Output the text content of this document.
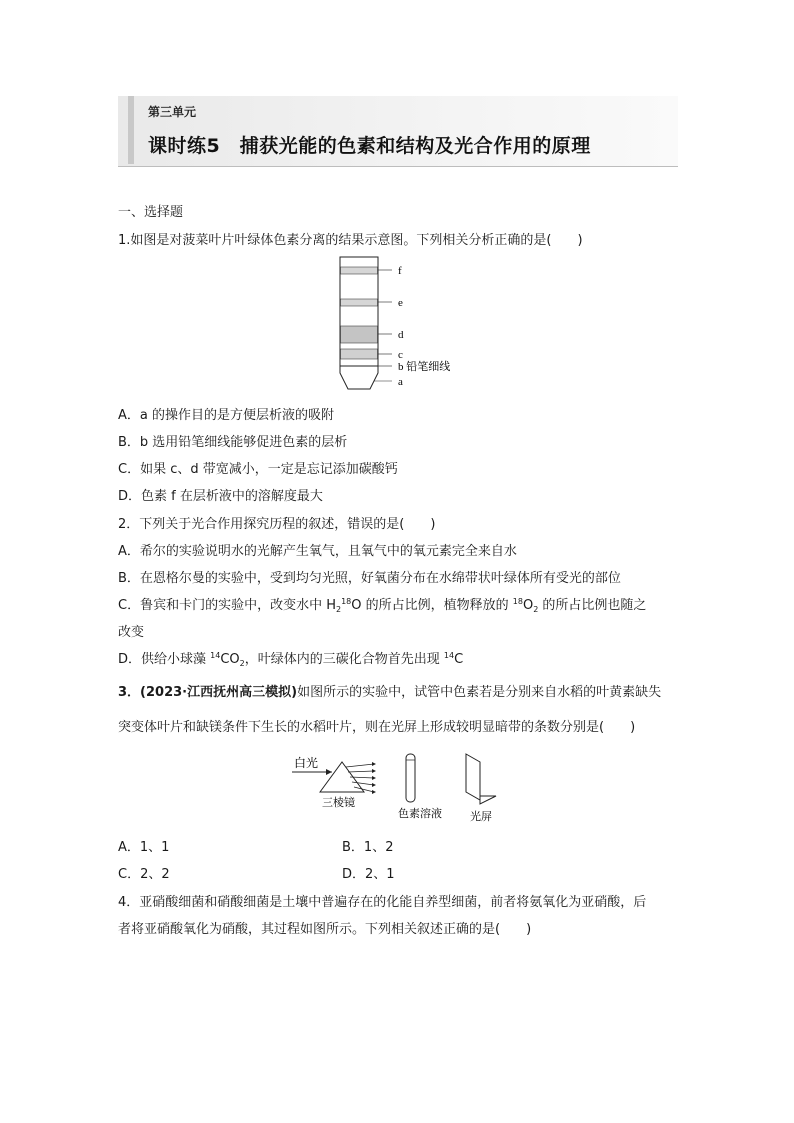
第三单元
课时练5　捕获光能的色素和结构及光合作用的原理
一、选择题
1.如图是对菠菜叶片叶绿体色素分离的结果示意图。下列相关分析正确的是(　　)
f
e
d
c
b 铅笔细线
a
A．a 的操作目的是方便层析液的吸附
B．b 选用铅笔细线能够促进色素的层析
C．如果 c、d 带宽减小，一定是忘记添加碳酸钙
D．色素 f 在层析液中的溶解度最大
2．下列关于光合作用探究历程的叙述，错误的是(　　)
A．希尔的实验说明水的光解产生氧气，且氧气中的氧元素完全来自水
B．在恩格尔曼的实验中，受到均匀光照，好氧菌分布在水绵带状叶绿体所有受光的部位
C．鲁宾和卡门的实验中，改变水中 $H_2^{18}O$ 的所占比例，植物释放的 $^{18}O_2$ 的所占比例也随之
改变
D．供给小球藻 $^{14}CO_2$，叶绿体内的三碳化合物首先出现 $^{14}$C
3．(2023·江西抚州高三模拟)如图所示的实验中，试管中色素若是分别来自水稻的叶黄素缺失
突变体叶片和缺镁条件下生长的水稻叶片，则在光屏上形成较明显暗带的条数分别是(　　)
白光
三棱镜
色素溶液	光屏
A．1、1	B．1、2
C．2、2	D．2、1
4．亚硝酸细菌和硝酸细菌是土壤中普遍存在的化能自养型细菌，前者将氨氧化为亚硝酸，后
者将亚硝酸氧化为硝酸，其过程如图所示。下列相关叙述正确的是(　　)
